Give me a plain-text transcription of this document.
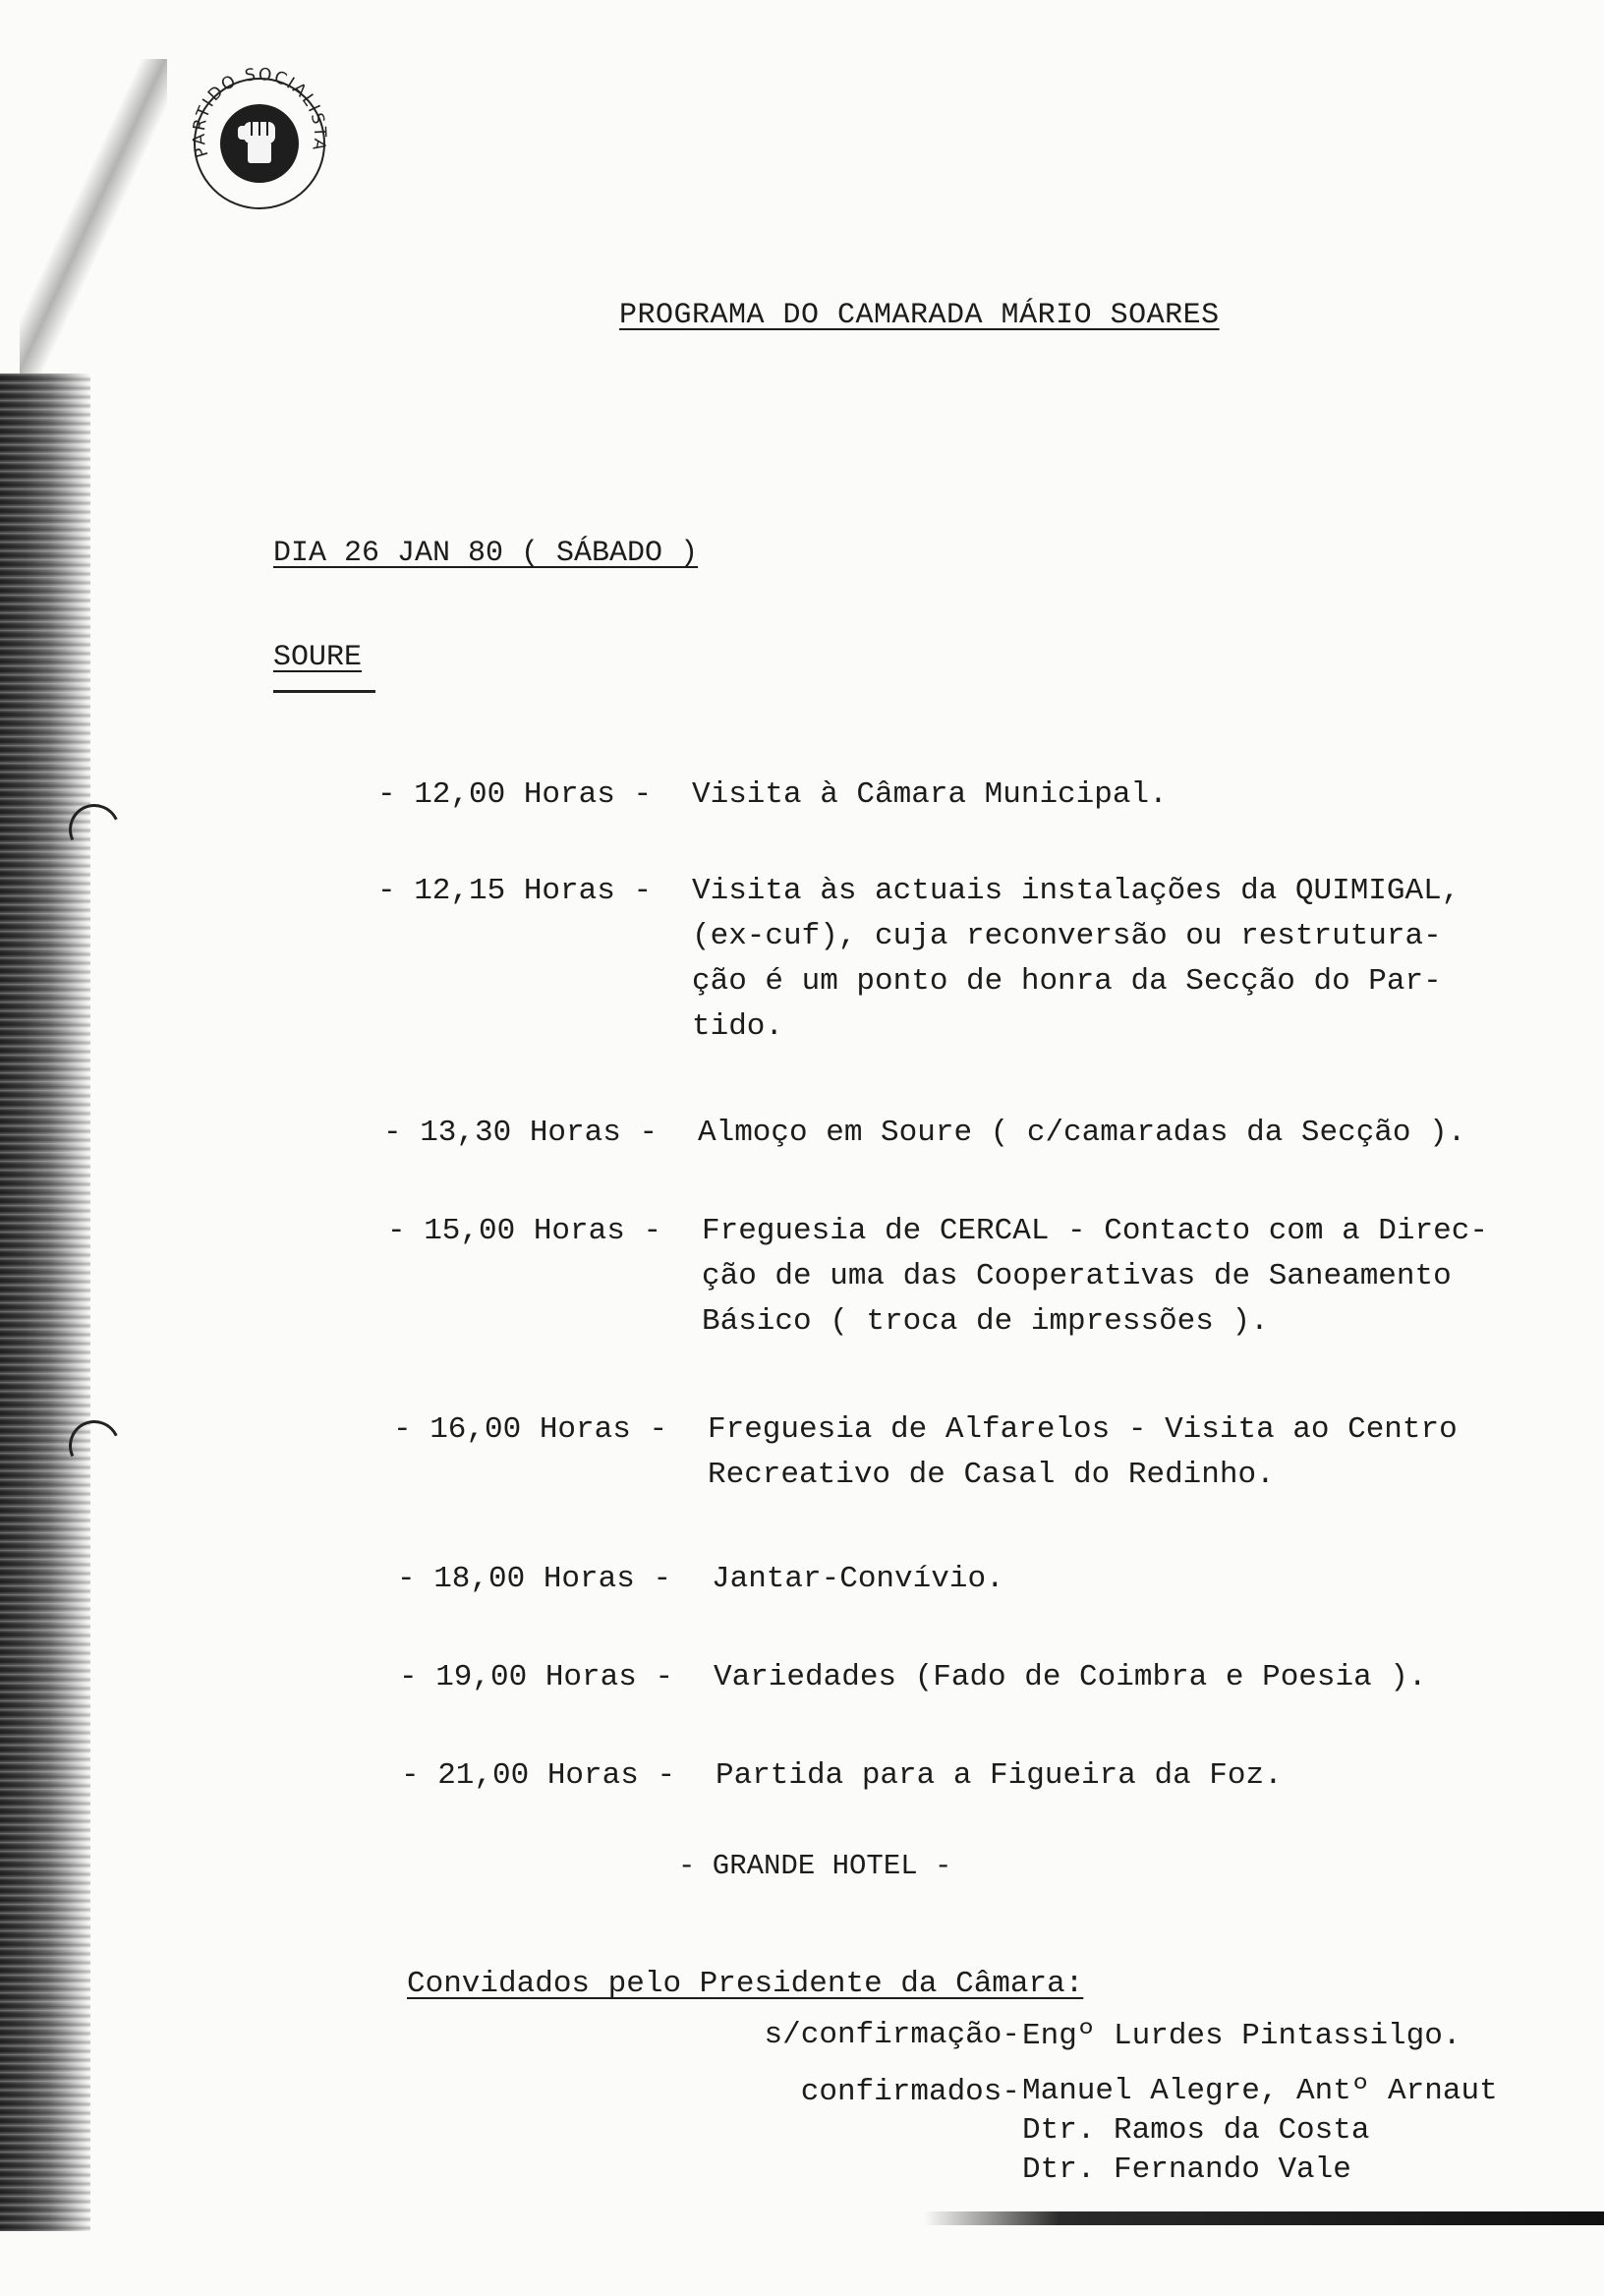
PARTIDO SOCIALISTA
PROGRAMA DO CAMARADA MÁRIO SOARES
DIA 26 JAN 80 ( SÁBADO )
SOURE
- 12,00 Horas - Visita à Câmara Municipal.
- 12,15 Horas - Visita às actuais instalações da QUIMIGAL,
(ex-cuf), cuja reconversão ou restrutura-
ção é um ponto de honra da Secção do Par-
tido.
- 13,30 Horas - Almoço em Soure ( c/camaradas da Secção ).
- 15,00 Horas - Freguesia de CERCAL - Contacto com a Direc-
ção de uma das Cooperativas de Saneamento
Básico ( troca de impressões ).
- 16,00 Horas - Freguesia de Alfarelos - Visita ao Centro
Recreativo de Casal do Redinho.
- 18,00 Horas - Jantar-Convívio.
- 19,00 Horas - Variedades (Fado de Coimbra e Poesia ).
- 21,00 Horas - Partida para a Figueira da Foz.
- GRANDE HOTEL -
Convidados pelo Presidente da Câmara:
s/confirmação- Engº Lurdes Pintassilgo.
confirmados- Manuel Alegre, Antº Arnaut
Dtr. Ramos da Costa
Dtr. Fernando Vale
